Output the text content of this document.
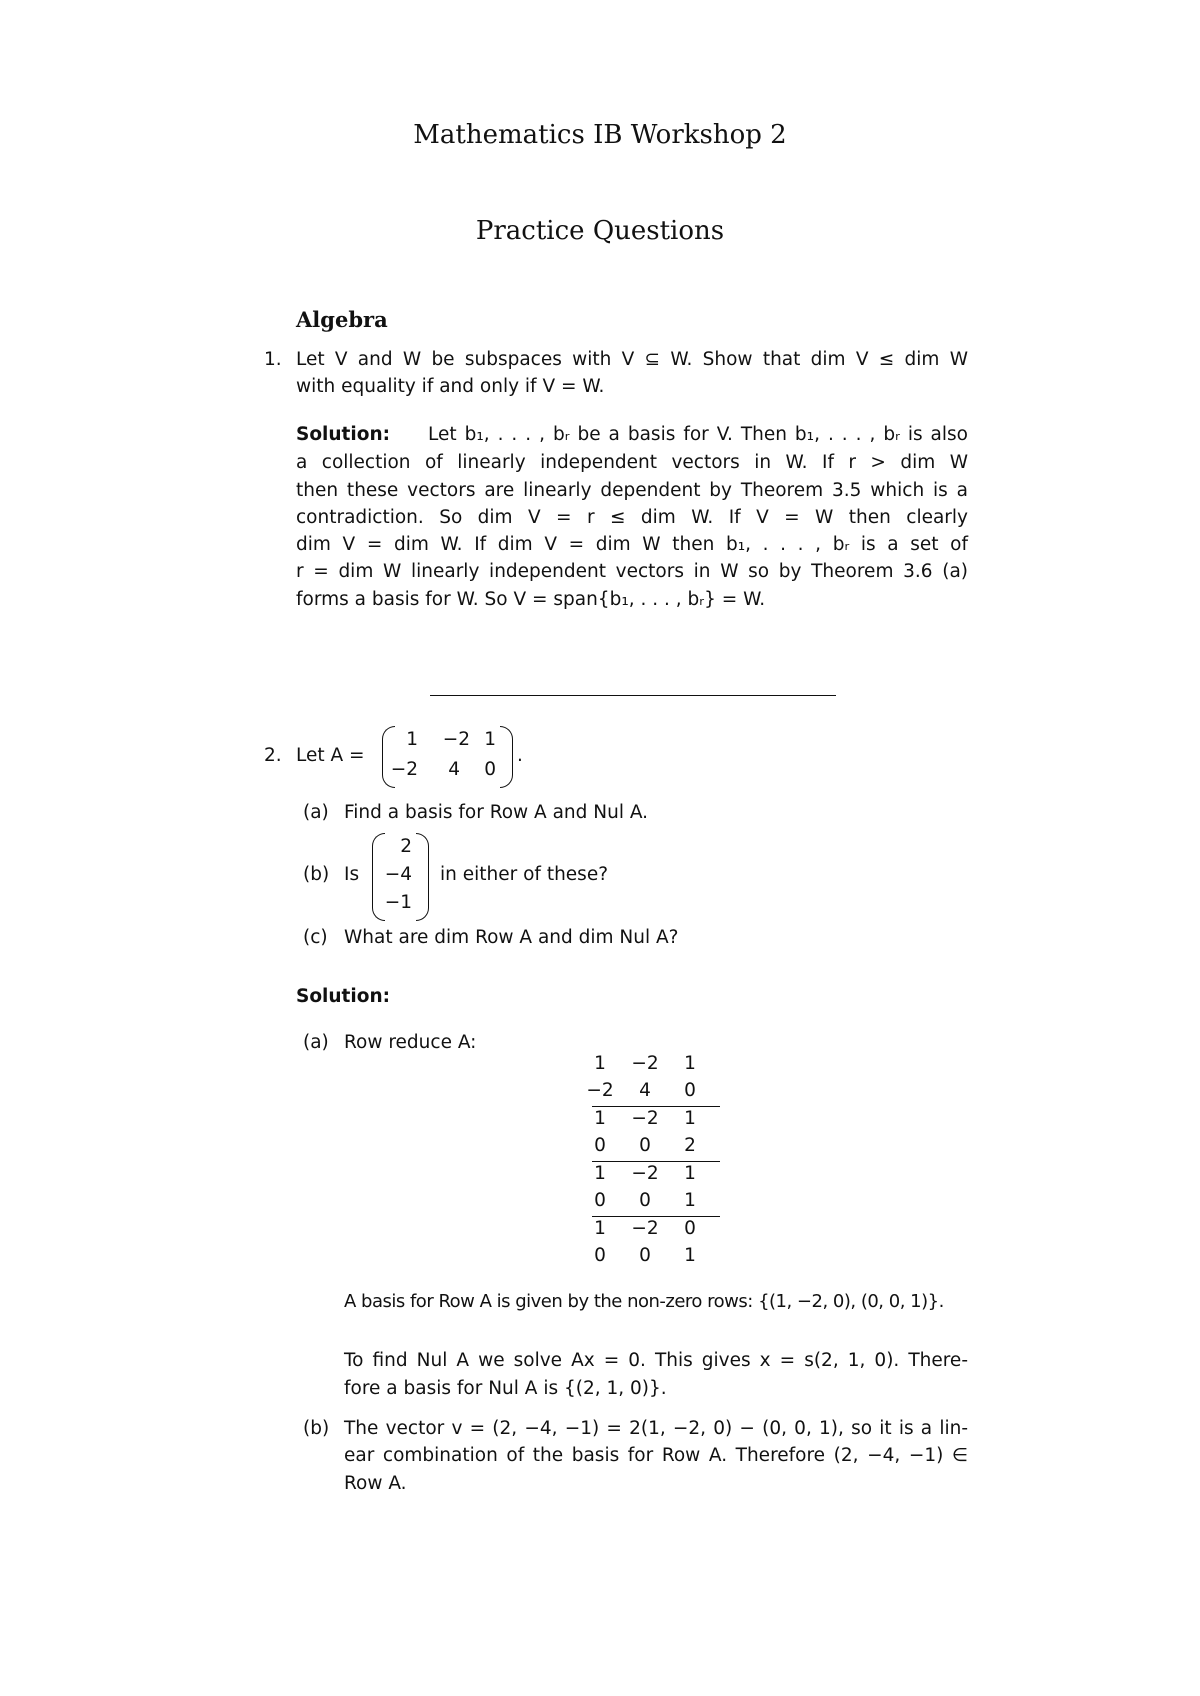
Mathematics IB Workshop 2
Practice Questions
Algebra
1. Let V and W be subspaces with V ⊆ W. Show that dim V ≤ dim W
with equality if and only if V = W.
Solution: Let b₁, . . . , bᵣ be a basis for V. Then b₁, . . . , bᵣ is also
a collection of linearly independent vectors in W. If r > dim W
then these vectors are linearly dependent by Theorem 3.5 which is a
contradiction. So dim V = r ≤ dim W. If V = W then clearly
dim V = dim W. If dim V = dim W then b₁, . . . , bᵣ is a set of
r = dim W linearly independent vectors in W so by Theorem 3.6 (a)
forms a basis for W. So V = span{b₁, . . . , bᵣ} = W.
2. Let A =
1	−2 1
−2	4 0
.
(a) Find a basis for Row A and Nul A.
(b) Is
2
−4
−1
in either of these?
(c) What are dim Row A and dim Nul A?
Solution:
(a) Row reduce A:
1	−2	1
−2	4	0
1	−2	1
0	0	2
1	−2	1
0	0	1
1	−2	0
0	0	1
A basis for Row A is given by the non-zero rows: {(1, −2, 0), (0, 0, 1)}.
To find Nul A we solve Ax = 0. This gives x = s(2, 1, 0). There-
fore a basis for Nul A is {(2, 1, 0)}.
(b) The vector v = (2, −4, −1) = 2(1, −2, 0) − (0, 0, 1), so it is a lin-
ear combination of the basis for Row A. Therefore (2, −4, −1) ∈
Row A.
